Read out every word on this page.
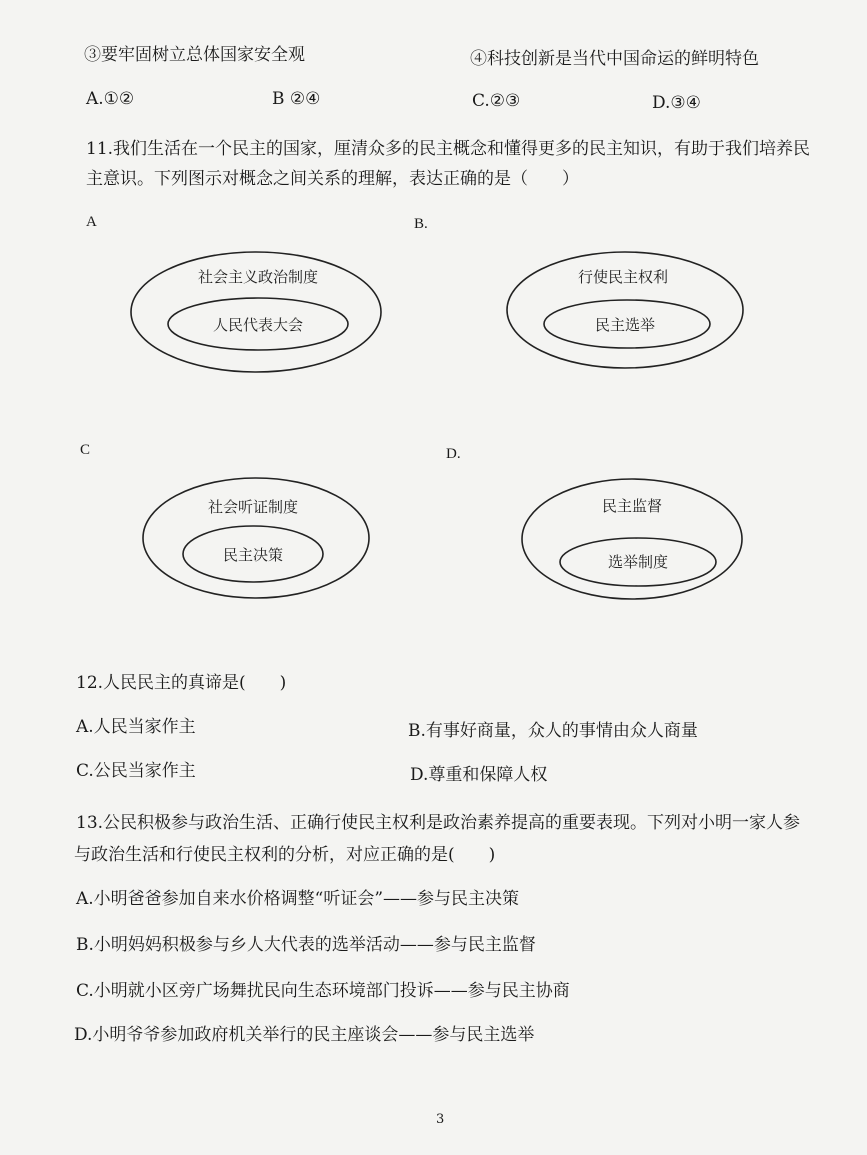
③要牢固树立总体国家安全观	④科技创新是当代中国命运的鲜明特色
A.①②	B ②④	C.②③	D.③④
11.我们生活在一个民主的国家，厘清众多的民主概念和懂得更多的民主知识，有助于我们培养民
主意识。下列图示对概念之间关系的理解，表达正确的是（　　）
A	B.
C	D.
社会主义政治制度
人民代表大会
行使民主权利
民主选举
社会听证制度
民主决策
民主监督
选举制度
12.人民民主的真谛是(　　)
A.人民当家作主	B.有事好商量，众人的事情由众人商量
C.公民当家作主	D.尊重和保障人权
13.公民积极参与政治生活、正确行使民主权利是政治素养提高的重要表现。下列对小明一家人参
与政治生活和行使民主权利的分析，对应正确的是(　　)
A.小明爸爸参加自来水价格调整“听证会”——参与民主决策
B.小明妈妈积极参与乡人大代表的选举活动——参与民主监督
C.小明就小区旁广场舞扰民向生态环境部门投诉——参与民主协商
D.小明爷爷参加政府机关举行的民主座谈会——参与民主选举
3
